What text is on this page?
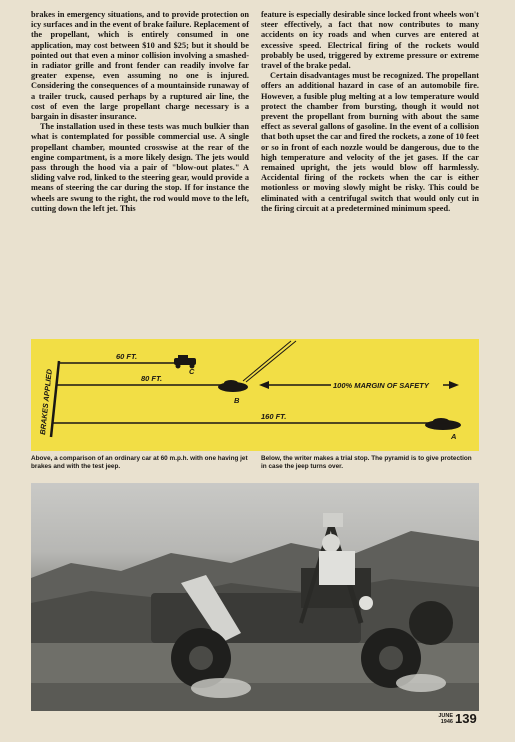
brakes in emergency situations, and to provide protection on icy surfaces and in the event of brake failure. Replacement of the propellant, which is entirely consumed in one application, may cost between $10 and $25; but it should be pointed out that even a minor collision involving a smashed-in radiator grille and front fender can readily involve far greater expense, even assuming no one is injured. Considering the consequences of a mountainside runaway of a trailer truck, caused perhaps by a ruptured air line, the cost of even the large propellant charge necessary is a bargain in disaster insurance.

The installation used in these tests was much bulkier than what is contemplated for possible commercial use. A single propellant chamber, mounted crosswise at the rear of the engine compartment, is a more likely design. The jets would pass through the hood via a pair of "blow-out plates." A sliding valve rod, linked to the steering gear, would provide a means of steering the car during the stop. If for instance the wheels are swung to the right, the rod would move to the left, cutting down the left jet. This

feature is especially desirable since locked front wheels won't steer effectively, a fact that now contributes to many accidents on icy roads and when curves are entered at excessive speed. Electrical firing of the rockets would probably be used, triggered by extreme pressure or extreme travel of the brake pedal.

Certain disadvantages must be recognized. The propellant offers an additional hazard in case of an automobile fire. However, a fusible plug melting at a low temperature would protect the chamber from bursting, though it would not prevent the propellant from burning with about the same effect as several gallons of gasoline. In the event of a collision that both upset the car and fired the rockets, a zone of 10 feet or so in front of each nozzle would be dangerous, due to the high temperature and velocity of the jet gases. If the car remained upright, the jets would blow off harmlessly. Accidental firing of the rockets when the car is either motionless or moving slowly might be risky. This could be eliminated with a centrifugal switch that would only cut in the firing circuit at a predetermined minimum speed.

BRAKES APPLIED
60 FT.
C
80 FT.
B
100% MARGIN OF SAFETY
160 FT.
A
Above, a comparison of an ordinary car at 60 m.p.h. with one having jet brakes and with the test jeep.
Below, the writer makes a trial stop. The pyramid is to give protection in case the jeep turns over.
JUNE
1946 139
